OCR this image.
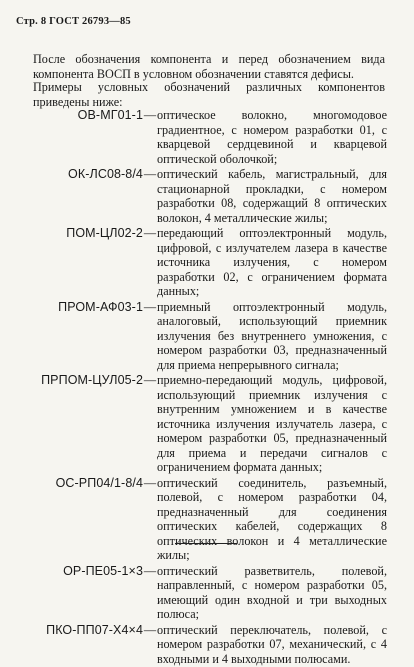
Стр. 8 ГОСТ 26793—85
После обозначения компонента и перед обозначением вида компонента ВОСП в условном обозначении ставятся дефисы.
Примеры условных обозначений различных компонентов приведены ниже:
ОВ-МГ01-1 — оптическое волокно, многомодовое градиентное, с номером разработки 01, с кварцевой сердцевиной и кварцевой оптической оболочкой;
ОК-ЛС08-8/4 — оптический кабель, магистральный, для стационарной прокладки, с номером разработки 08, содержащий 8 оптических волокон, 4 металлические жилы;
ПОМ-ЦЛ02-2 — передающий оптоэлектронный модуль, цифровой, с излучателем лазера в качестве источника излучения, с номером разработки 02, с ограничением формата данных;
ПРОМ-АФ03-1 — приемный оптоэлектронный модуль, аналоговый, использующий приемник излучения без внутреннего умножения, с номером разработки 03, предназначенный для приема непрерывного сигнала;
ПРПОМ-ЦУЛ05-2 — приемно-передающий модуль, цифровой, использующий приемник излучения с внутренним умножением и в качестве источника излучения излучатель лазера, с номером разработки 05, предназначенный для приема и передачи сигналов с ограничением формата данных;
ОС-РП04/1-8/4 — оптический соединитель, разъемный, полевой, с номером разработки 04, предназначенный для соединения оптических кабелей, содержащих 8 оптических волокон и 4 металлические жилы;
ОР-ПЕ05-1×3 — оптический разветвитель, полевой, направленный, с номером разработки 05, имеющий один входной и три выходных полюса;
ПКО-ПП07-Х4×4 — оптический переключатель, полевой, с номером разработки 07, механический, с 4 входными и 4 выходными полюсами.
